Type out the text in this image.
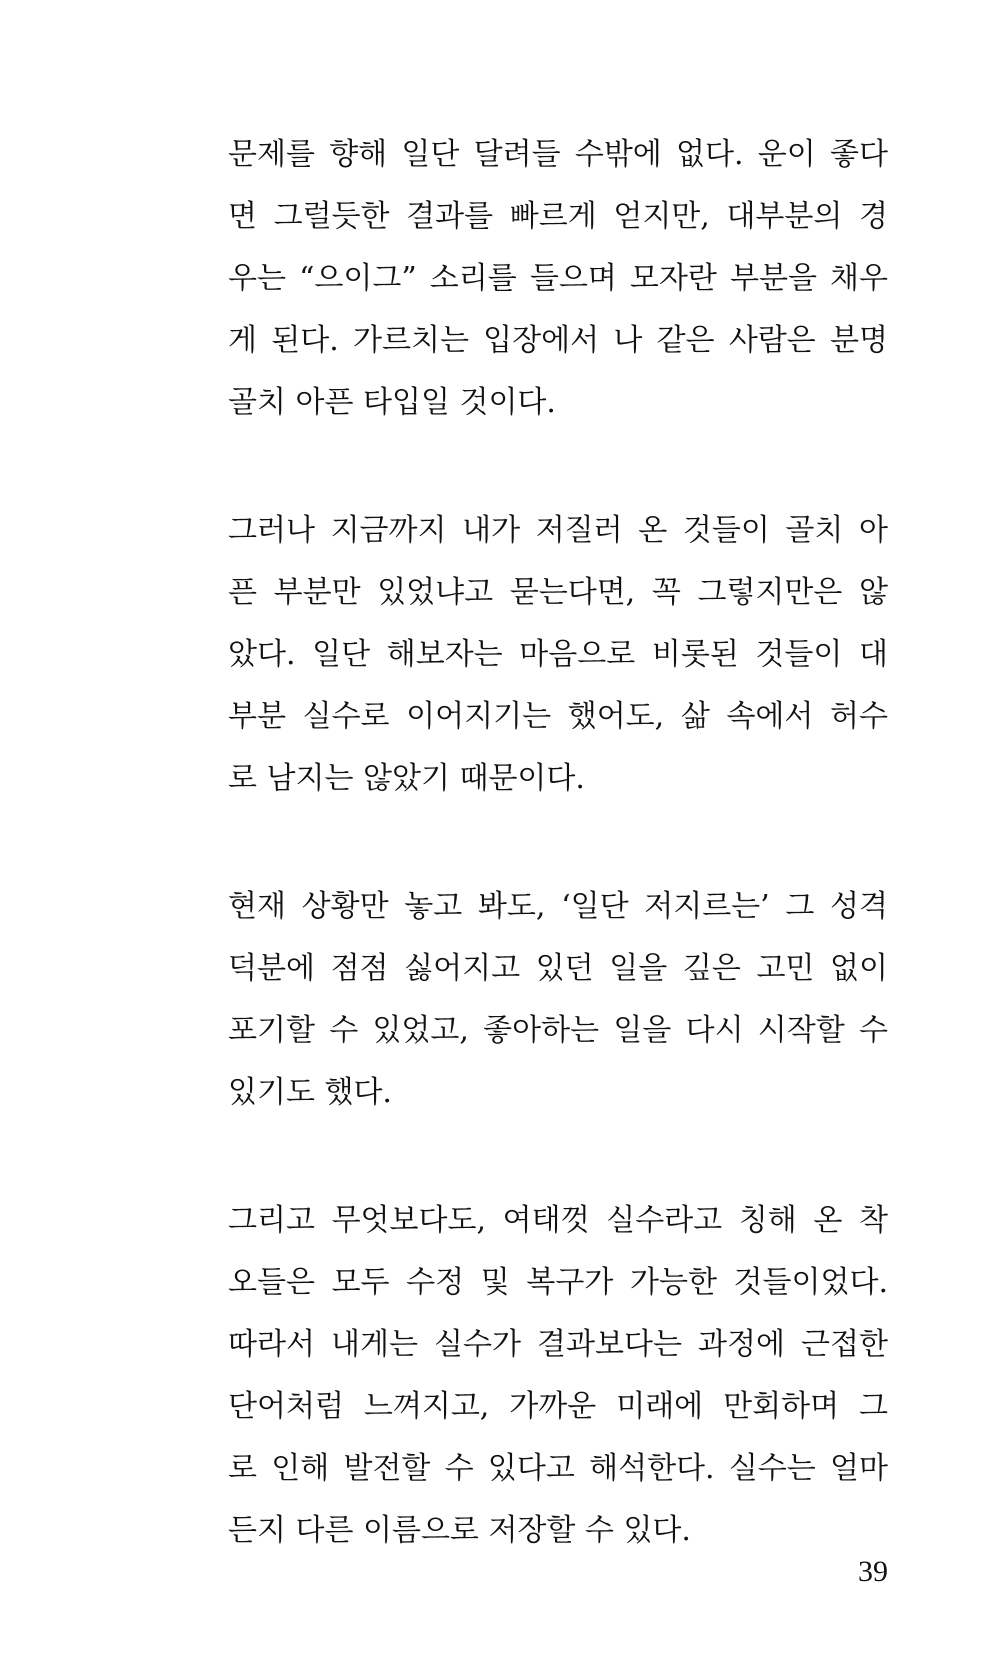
문제를 향해 일단 달려들 수밖에 없다. 운이 좋다
면 그럴듯한 결과를 빠르게 얻지만, 대부분의 경
우는 “으이그” 소리를 들으며 모자란 부분을 채우
게 된다. 가르치는 입장에서 나 같은 사람은 분명
골치 아픈 타입일 것이다.
그러나 지금까지 내가 저질러 온 것들이 골치 아
픈 부분만 있었냐고 묻는다면, 꼭 그렇지만은 않
았다. 일단 해보자는 마음으로 비롯된 것들이 대
부분 실수로 이어지기는 했어도, 삶 속에서 허수
로 남지는 않았기 때문이다.
현재 상황만 놓고 봐도, ‘일단 저지르는’ 그 성격
덕분에 점점 싫어지고 있던 일을 깊은 고민 없이
포기할 수 있었고, 좋아하는 일을 다시 시작할 수
있기도 했다.
그리고 무엇보다도, 여태껏 실수라고 칭해 온 착
오들은 모두 수정 및 복구가 가능한 것들이었다.
따라서 내게는 실수가 결과보다는 과정에 근접한
단어처럼 느껴지고, 가까운 미래에 만회하며 그
로 인해 발전할 수 있다고 해석한다. 실수는 얼마
든지 다른 이름으로 저장할 수 있다.
39
